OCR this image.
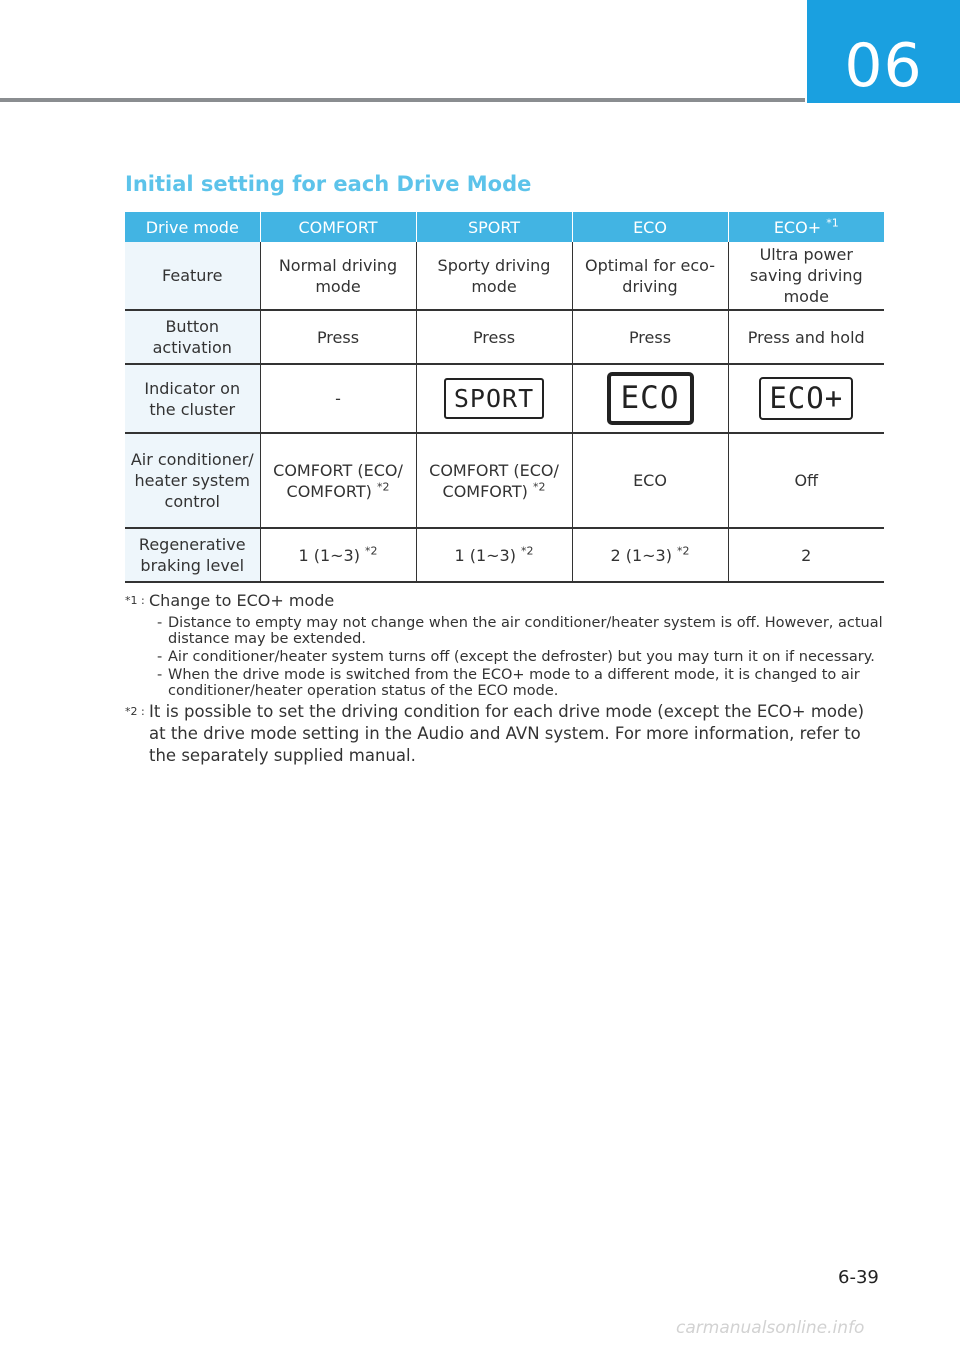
06
Initial setting for each Drive Mode
Drive mode	COMFORT	SPORT	ECO	ECO+ $^{*1}$
Feature	Normal driving mode	Sporty driving mode	Optimal for eco- driving	Ultra power saving driving mode
Button activation	Press	Press	Press	Press and hold
Indicator on the cluster	-	SPORT	ECO	ECO+
Air conditioner/ heater system control	COMFORT (ECO/ COMFORT) $^{*2}$	COMFORT (ECO/ COMFORT) $^{*2}$	ECO	Off
Regenerative braking level	1 (1~3) $^{*2}$	1 (1~3) $^{*2}$	2 (1~3) $^{*2}$	2
*1 : Change to ECO+ mode
- Distance to empty may not change when the air conditioner/heater system is off. However, actual distance may be extended.
- Air conditioner/heater system turns off (except the defroster) but you may turn it on if necessary.
- When the drive mode is switched from the ECO+ mode to a different mode, it is changed to air conditioner/heater operation status of the ECO mode.
*2 : It is possible to set the driving condition for each drive mode (except the ECO+ mode) at the drive mode setting in the Audio and AVN system. For more information, refer to the separately supplied manual.
6-39
carmanualsonline.info
